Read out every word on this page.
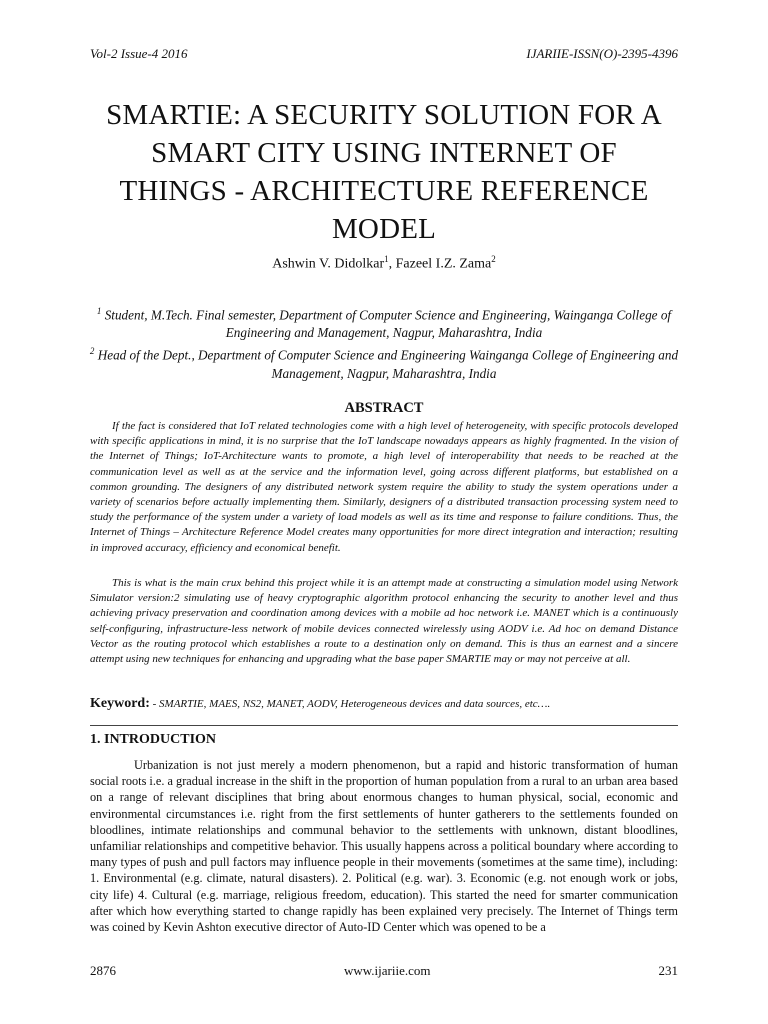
Vol-2 Issue-4 2016	IJARIIE-ISSN(O)-2395-4396
SMARTIE: A SECURITY SOLUTION FOR A
SMART CITY USING INTERNET OF
THINGS - ARCHITECTURE REFERENCE
MODEL
Ashwin V. Didolkar$^1$, Fazeel I.Z. Zama$^2$
$^1$ Student, M.Tech. Final semester, Department of Computer Science and Engineering, Wainganga College of Engineering and Management, Nagpur, Maharashtra, India
$^2$ Head of the Dept., Department of Computer Science and Engineering Wainganga College of Engineering and Management, Nagpur, Maharashtra, India
ABSTRACT

If the fact is considered that IoT related technologies come with a high level of heterogeneity, with specific protocols developed with specific applications in mind, it is no surprise that the IoT landscape nowadays appears as highly fragmented. In the vision of the Internet of Things; IoT-Architecture wants to promote, a high level of interoperability that needs to be reached at the communication level as well as at the service and the information level, going across different platforms, but established on a common grounding. The designers of any distributed network system require the ability to study the system operations under a variety of scenarios before actually implementing them. Similarly, designers of a distributed transaction processing system need to study the performance of the system under a variety of load models as well as its time and response to failure conditions. Thus, the Internet of Things – Architecture Reference Model creates many opportunities for more direct integration and interaction; resulting in improved accuracy, efficiency and economical benefit.

This is what is the main crux behind this project while it is an attempt made at constructing a simulation model using Network Simulator version:2 simulating use of heavy cryptographic algorithm protocol enhancing the security to another level and thus achieving privacy preservation and coordination among devices with a mobile ad hoc network i.e. MANET which is a continuously self-configuring, infrastructure-less network of mobile devices connected wirelessly using AODV i.e. Ad hoc on demand Distance Vector as the routing protocol which establishes a route to a destination only on demand. This is thus an earnest and a sincere attempt using new techniques for enhancing and upgrading what the base paper SMARTIE may or may not perceive at all.

Keyword: - SMARTIE, MAES, NS2, MANET, AODV, Heterogeneous devices and data sources, etc….
1. INTRODUCTION

Urbanization is not just merely a modern phenomenon, but a rapid and historic transformation of human social roots i.e. a gradual increase in the shift in the proportion of human population from a rural to an urban area based on a range of relevant disciplines that bring about enormous changes to human physical, social, economic and environmental circumstances i.e. right from the first settlements of hunter gatherers to the settlements founded on bloodlines, intimate relationships and communal behavior to the settlements with unknown, distant bloodlines, unfamiliar relationships and competitive behavior. This usually happens across a political boundary where according to many types of push and pull factors may influence people in their movements (sometimes at the same time), including: 1. Environmental (e.g. climate, natural disasters). 2. Political (e.g. war). 3. Economic (e.g. not enough work or jobs, city life) 4. Cultural (e.g. marriage, religious freedom, education). This started the need for smarter communication after which how everything started to change rapidly has been explained very precisely. The Internet of Things term was coined by Kevin Ashton executive director of Auto-ID Center which was opened to be a

2876	www.ijariie.com	231
